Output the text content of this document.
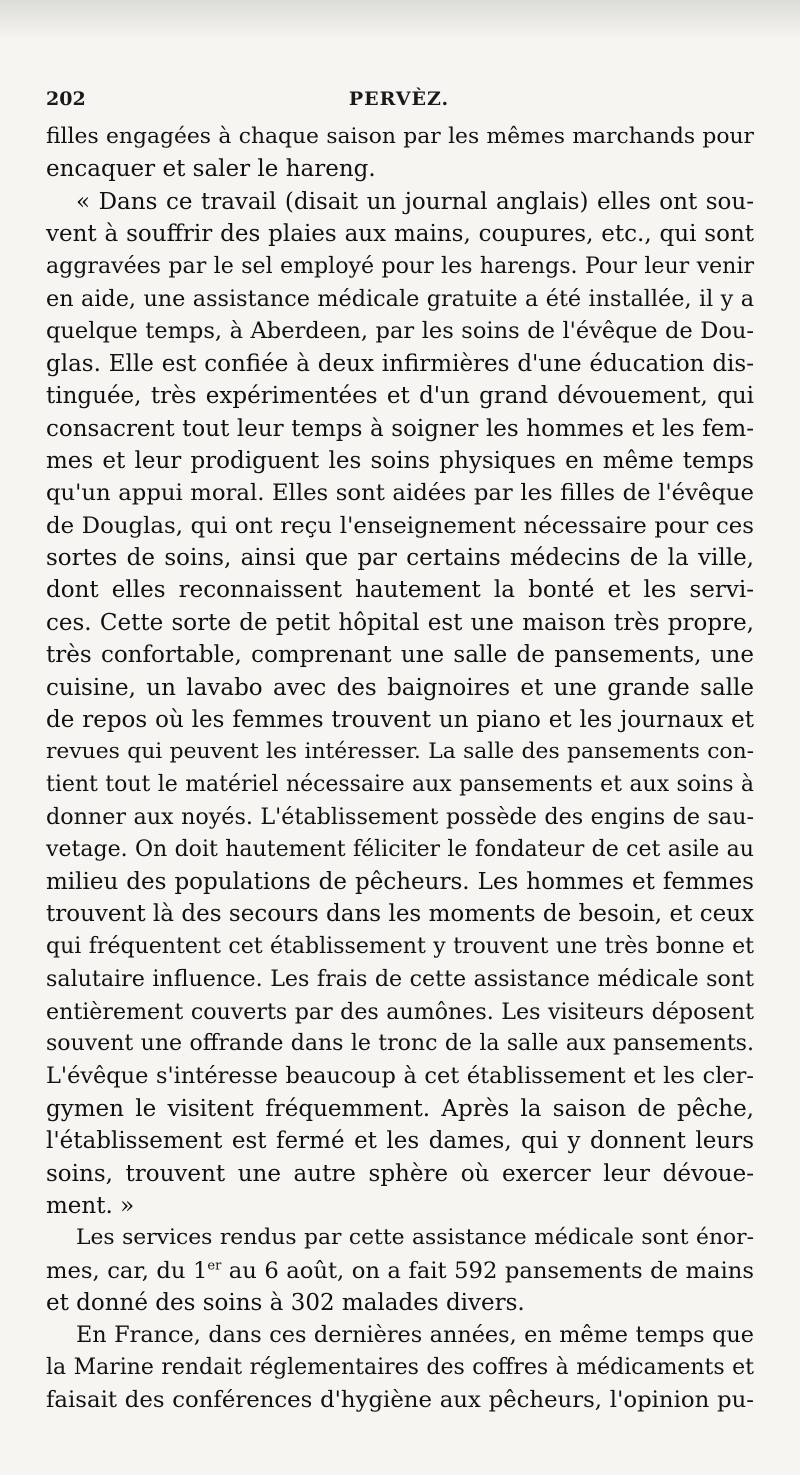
202	PERVÈZ.
filles engagées à chaque saison par les mêmes marchands pour
encaquer et saler le hareng.
« Dans ce travail (disait un journal anglais) elles ont sou-
vent à souffrir des plaies aux mains, coupures, etc., qui sont
aggravées par le sel employé pour les harengs. Pour leur venir
en aide, une assistance médicale gratuite a été installée, il y a
quelque temps, à Aberdeen, par les soins de l'évêque de Dou-
glas. Elle est confiée à deux infirmières d'une éducation dis-
tinguée, très expérimentées et d'un grand dévouement, qui
consacrent tout leur temps à soigner les hommes et les fem-
mes et leur prodiguent les soins physiques en même temps
qu'un appui moral. Elles sont aidées par les filles de l'évêque
de Douglas, qui ont reçu l'enseignement nécessaire pour ces
sortes de soins, ainsi que par certains médecins de la ville,
dont elles reconnaissent hautement la bonté et les servi-
ces. Cette sorte de petit hôpital est une maison très propre,
très confortable, comprenant une salle de pansements, une
cuisine, un lavabo avec des baignoires et une grande salle
de repos où les femmes trouvent un piano et les journaux et
revues qui peuvent les intéresser. La salle des pansements con-
tient tout le matériel nécessaire aux pansements et aux soins à
donner aux noyés. L'établissement possède des engins de sau-
vetage. On doit hautement féliciter le fondateur de cet asile au
milieu des populations de pêcheurs. Les hommes et femmes
trouvent là des secours dans les moments de besoin, et ceux
qui fréquentent cet établissement y trouvent une très bonne et
salutaire influence. Les frais de cette assistance médicale sont
entièrement couverts par des aumônes. Les visiteurs déposent
souvent une offrande dans le tronc de la salle aux pansements.
L'évêque s'intéresse beaucoup à cet établissement et les cler-
gymen le visitent fréquemment. Après la saison de pêche,
l'établissement est fermé et les dames, qui y donnent leurs
soins, trouvent une autre sphère où exercer leur dévoue-
ment. »
Les services rendus par cette assistance médicale sont énor-
mes, car, du 1er au 6 août, on a fait 592 pansements de mains
et donné des soins à 302 malades divers.
En France, dans ces dernières années, en même temps que
la Marine rendait réglementaires des coffres à médicaments et
faisait des conférences d'hygiène aux pêcheurs, l'opinion pu-
